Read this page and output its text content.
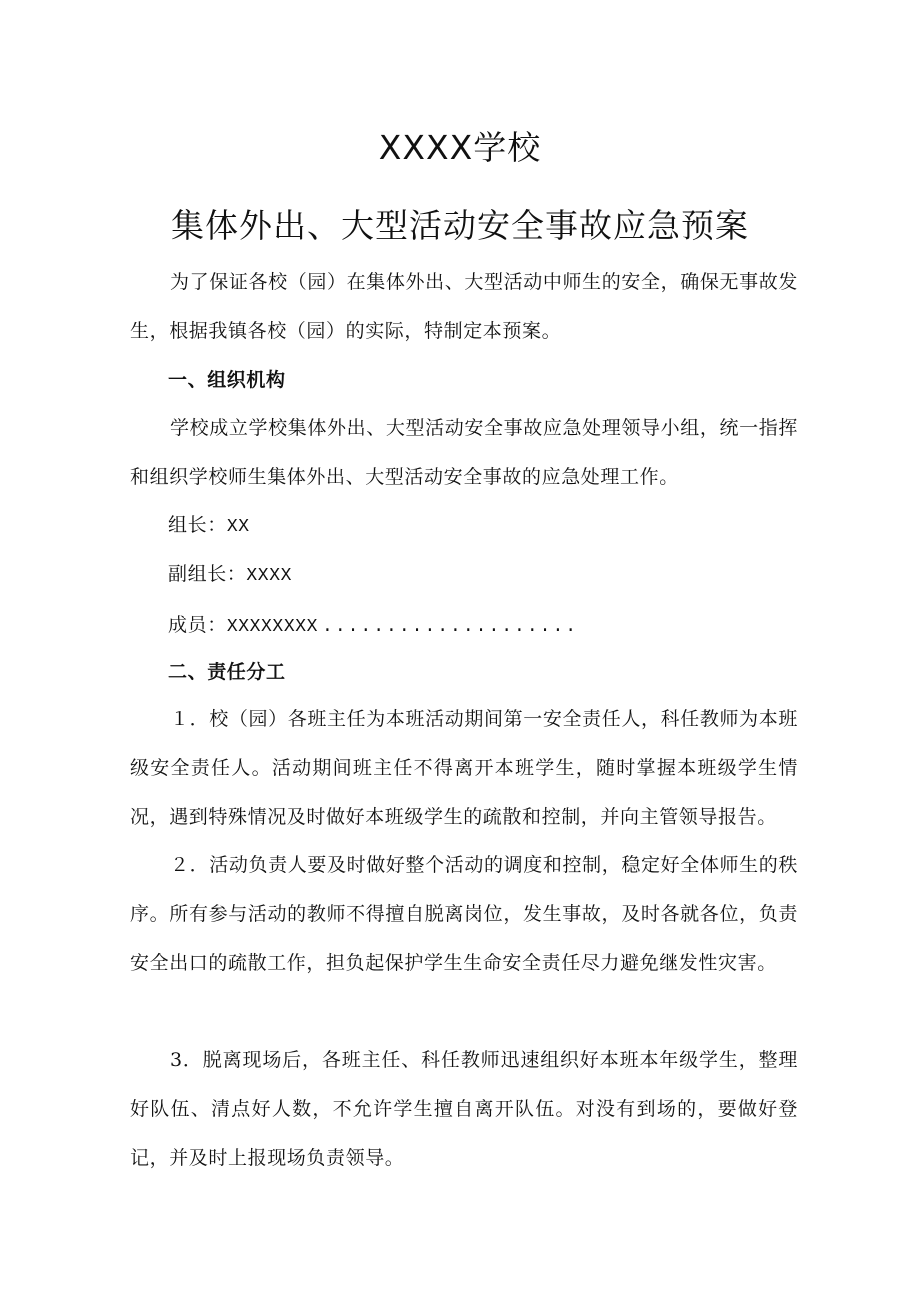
XXXX学校
集体外出、大型活动安全事故应急预案

为了保证各校（园）在集体外出、大型活动中师生的安全，确保无事故发生，根据我镇各校（园）的实际，特制定本预案。

一、组织机构

学校成立学校集体外出、大型活动安全事故应急处理领导小组，统一指挥和组织学校师生集体外出、大型活动安全事故的应急处理工作。

组长：XX

副组长：XXXX

成员：XXXXXXXX ....................

二、责任分工

１．校（园）各班主任为本班活动期间第一安全责任人，科任教师为本班级安全责任人。活动期间班主任不得离开本班学生，随时掌握本班级学生情况，遇到特殊情况及时做好本班级学生的疏散和控制，并向主管领导报告。

２．活动负责人要及时做好整个活动的调度和控制，稳定好全体师生的秩序。所有参与活动的教师不得擅自脱离岗位，发生事故，及时各就各位，负责安全出口的疏散工作，担负起保护学生生命安全责任尽力避免继发性灾害。

3．脱离现场后，各班主任、科任教师迅速组织好本班本年级学生，整理好队伍、清点好人数，不允许学生擅自离开队伍。对没有到场的，要做好登记，并及时上报现场负责领导。
